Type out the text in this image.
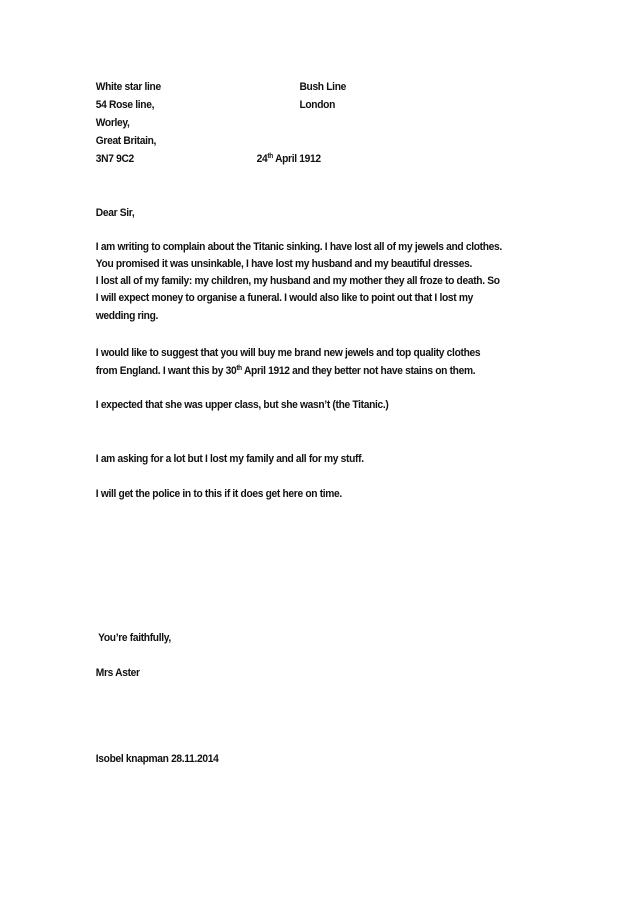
White star line
54 Rose line,
Worley,
Great Britain,
3N7 9C2
Bush Line
London
24th April 1912
Dear Sir,
I am writing to complain about the Titanic sinking. I have lost all of my jewels and clothes.
You promised it was unsinkable, I have lost my husband and my beautiful dresses.
I lost all of my family: my children, my husband and my mother they all froze to death. So
I will expect money to organise a funeral. I would also like to point out that I lost my
wedding ring.
I would like to suggest that you will buy me brand new jewels and top quality clothes
from England. I want this by 30th April 1912 and they better not have stains on them.
I expected that she was upper class, but she wasn’t (the Titanic.)
I am asking for a lot but I lost my family and all for my stuff.
I will get the police in to this if it does get here on time.
You’re faithfully,
Mrs Aster
Isobel knapman 28.11.2014
